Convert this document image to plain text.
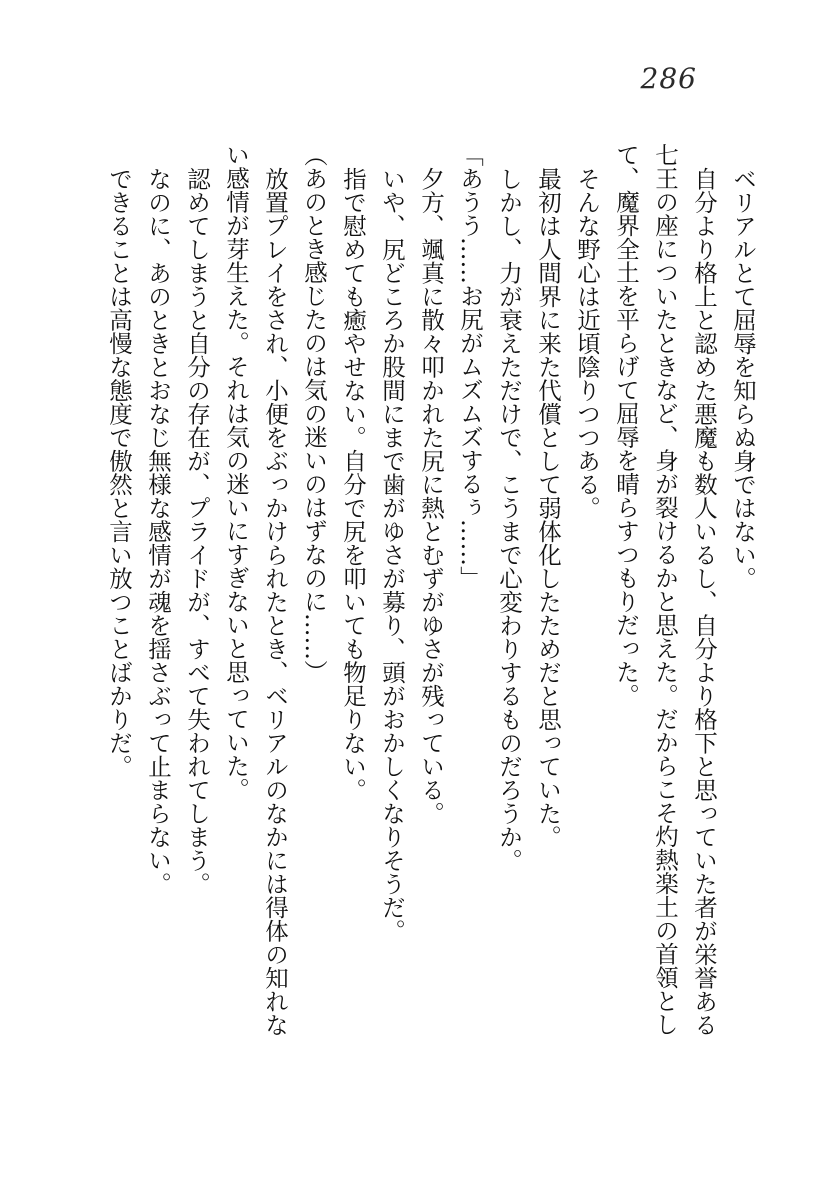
286

ベリアルとて屈辱を知らぬ身ではない。

自分より格上と認めた悪魔も数人いるし、自分より格下と思っていた者が栄誉ある七王の座についたときなど、身が裂けるかと思えた。だからこそ灼熱楽土の首領として、魔界全土を平らげて屈辱を晴らすつもりだった。

そんな野心は近頃陰りつつある。

最初は人間界に来た代償として弱体化したためだと思っていた。

しかし、力が衰えただけで、こうまで心変わりするものだろうか。

「あうう……お尻がムズムズするぅ……」

夕方、颯真に散々叩かれた尻に熱とむずがゆさが残っている。

いや、尻どころか股間にまで歯がゆさが募り、頭がおかしくなりそうだ。

指で慰めても癒やせない。自分で尻を叩いても物足りない。

（あのとき感じたのは気の迷いのはずなのに……）

放置プレイをされ、小便をぶっかけられたとき、ベリアルのなかには得体の知れない感情が芽生えた。それは気の迷いにすぎないと思っていた。

認めてしまうと自分の存在が、プライドが、すべて失われてしまう。

なのに、あのときとおなじ無様な感情が魂を揺さぶって止まらない。

できることは高慢な態度で傲然と言い放つことばかりだ。
